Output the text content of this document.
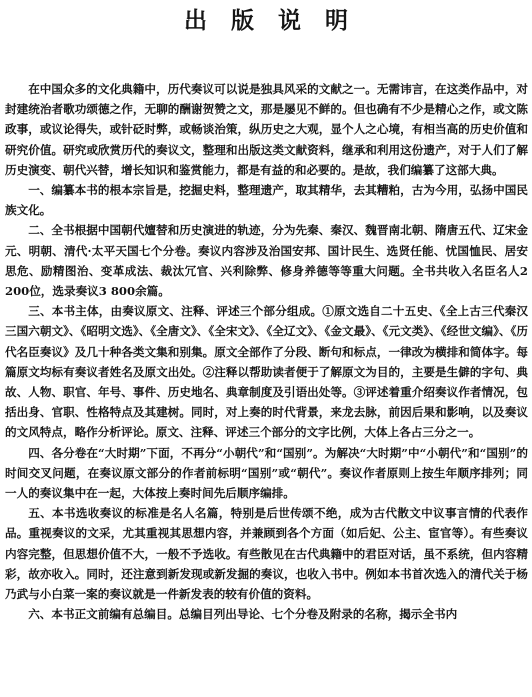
出版说明

在中国众多的文化典籍中，历代奏议可以说是独具风采的文献之一。无需讳言，在这类作品中，对封建统治者歌功颂德之作，无聊的酬谢贺赞之文，那是屡见不鲜的。但也确有不少是精心之作，或文陈政事，或议论得失，或针砭时弊，或畅谈治策，纵历史之大观，显个人之心境，有相当高的历史价值和研究价值。研究或欣赏历代的奏议文，整理和出版这类文献资料，继承和利用这份遗产，对于人们了解历史演变、朝代兴替，增长知识和鉴赏能力，都是有益的和必要的。是故，我们编纂了这部大典。

一、编纂本书的根本宗旨是，挖掘史料，整理遗产，取其精华，去其糟粕，古为今用，弘扬中国民族文化。

二、全书根据中国朝代嬗替和历史演进的轨迹，分为先秦、秦汉、魏晋南北朝、隋唐五代、辽宋金元、明朝、清代·太平天国七个分卷。奏议内容涉及治国安邦、国计民生、选贤任能、忧国恤民、居安思危、励精图治、变革成法、裁汰冗官、兴利除弊、修身养德等等重大问题。全书共收入名臣名人2 200位，选录奏议3 800余篇。

三、本书主体，由奏议原文、注释、评述三个部分组成。①原文选自二十五史、《全上古三代秦汉三国六朝文》、《昭明文选》、《全唐文》、《全宋文》、《全辽文》、《金文最》、《元文类》、《经世文编》、《历代名臣奏议》及几十种各类文集和别集。原文全部作了分段、断句和标点，一律改为横排和简体字。每篇原文均标有奏议者姓名及原文出处。②注释以帮助读者便于了解原文为目的，主要是生僻的字句、典故、人物、职官、年号、事件、历史地名、典章制度及引语出处等。③评述着重介绍奏议作者情况，包括出身、官职、性格特点及其建树。同时，对上奏的时代背景，来龙去脉，前因后果和影响，以及奏议的文风特点，略作分析评论。原文、注释、评述三个部分的文字比例，大体上各占三分之一。

四、各分卷在“大时期”下面，不再分“小朝代”和“国别”。为解决“大时期”中“小朝代”和“国别”的时间交叉问题，在奏议原文部分的作者前标明“国别”或“朝代”。奏议作者原则上按生年顺序排列；同一人的奏议集中在一起，大体按上奏时间先后顺序编排。

五、本书选收奏议的标准是名人名篇，特别是后世传颂不绝，成为古代散文中议事言情的代表作品。重视奏议的文采，尤其重视其思想内容，并兼顾到各个方面（如后妃、公主、宦官等）。有些奏议内容完整，但思想价值不大，一般不予选收。有些散见在古代典籍中的君臣对话，虽不系统，但内容精彩，故亦收入。同时，还注意到新发现或新发掘的奏议，也收入书中。例如本书首次选入的清代关于杨乃武与小白菜一案的奏议就是一件新发表的较有价值的资料。

六、本书正文前编有总编目。总编目列出导论、七个分卷及附录的名称，揭示全书内
